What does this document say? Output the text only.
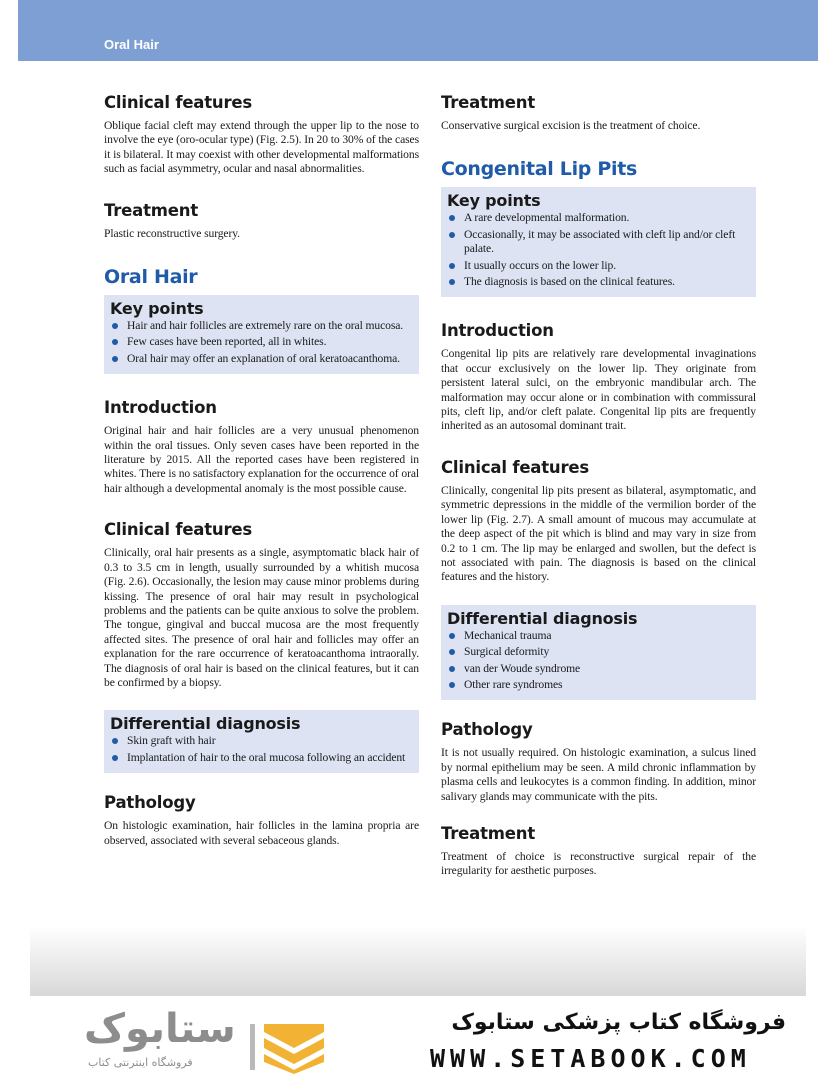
Oral Hair
Clinical features

Oblique facial cleft may extend through the upper lip to the nose to involve the eye (oro-ocular type) (Fig. 2.5). In 20 to 30% of the cases it is bilateral. It may coexist with other developmental malformations such as facial asymmetry, ocular and nasal abnormalities.

Treatment

Plastic reconstructive surgery.

Oral Hair
Key points
Hair and hair follicles are extremely rare on the oral mucosa.
Few cases have been reported, all in whites.
Oral hair may offer an explanation of oral keratoacanthoma.
Introduction

Original hair and hair follicles are a very unusual phenomenon within the oral tissues. Only seven cases have been reported in the literature by 2015. All the reported cases have been registered in whites. There is no satisfactory explanation for the occurrence of oral hair although a developmental anomaly is the most possible cause.

Clinical features

Clinically, oral hair presents as a single, asymptomatic black hair of 0.3 to 3.5 cm in length, usually surrounded by a whitish mucosa (Fig. 2.6). Occasionally, the lesion may cause minor problems during kissing. The presence of oral hair may result in psychological problems and the patients can be quite anxious to solve the problem. The tongue, gingival and buccal mucosa are the most frequently affected sites. The presence of oral hair and follicles may offer an explanation for the rare occurrence of keratoacanthoma intraorally. The diagnosis of oral hair is based on the clinical features, but it can be confirmed by a biopsy.

Differential diagnosis
Skin graft with hair
Implantation of hair to the oral mucosa following an accident
Pathology

On histologic examination, hair follicles in the lamina propria are observed, associated with several sebaceous glands.

Treatment

Conservative surgical excision is the treatment of choice.

Congenital Lip Pits
Key points
A rare developmental malformation.
Occasionally, it may be associated with cleft lip and/or cleft palate.
It usually occurs on the lower lip.
The diagnosis is based on the clinical features.
Introduction

Congenital lip pits are relatively rare developmental invaginations that occur exclusively on the lower lip. They originate from persistent lateral sulci, on the embryonic mandibular arch. The malformation may occur alone or in combination with commissural pits, cleft lip, and/or cleft palate. Congenital lip pits are frequently inherited as an autosomal dominant trait.

Clinical features

Clinically, congenital lip pits present as bilateral, asymptomatic, and symmetric depressions in the middle of the vermilion border of the lower lip (Fig. 2.7). A small amount of mucous may accumulate at the deep aspect of the pit which is blind and may vary in size from 0.2 to 1 cm. The lip may be enlarged and swollen, but the defect is not associated with pain. The diagnosis is based on the clinical features and the history.

Differential diagnosis
Mechanical trauma
Surgical deformity
van der Woude syndrome
Other rare syndromes
Pathology

It is not usually required. On histologic examination, a sulcus lined by normal epithelium may be seen. A mild chronic inflammation by plasma cells and leukocytes is a common finding. In addition, minor salivary glands may communicate with the pits.

Treatment

Treatment of choice is reconstructive surgical repair of the irregularity for aesthetic purposes.

ستابوک
فروشگاه اینترنتی کتاب
فروشگاه کتاب پزشکی ستابوک
WWW.SETABOOK.COM
